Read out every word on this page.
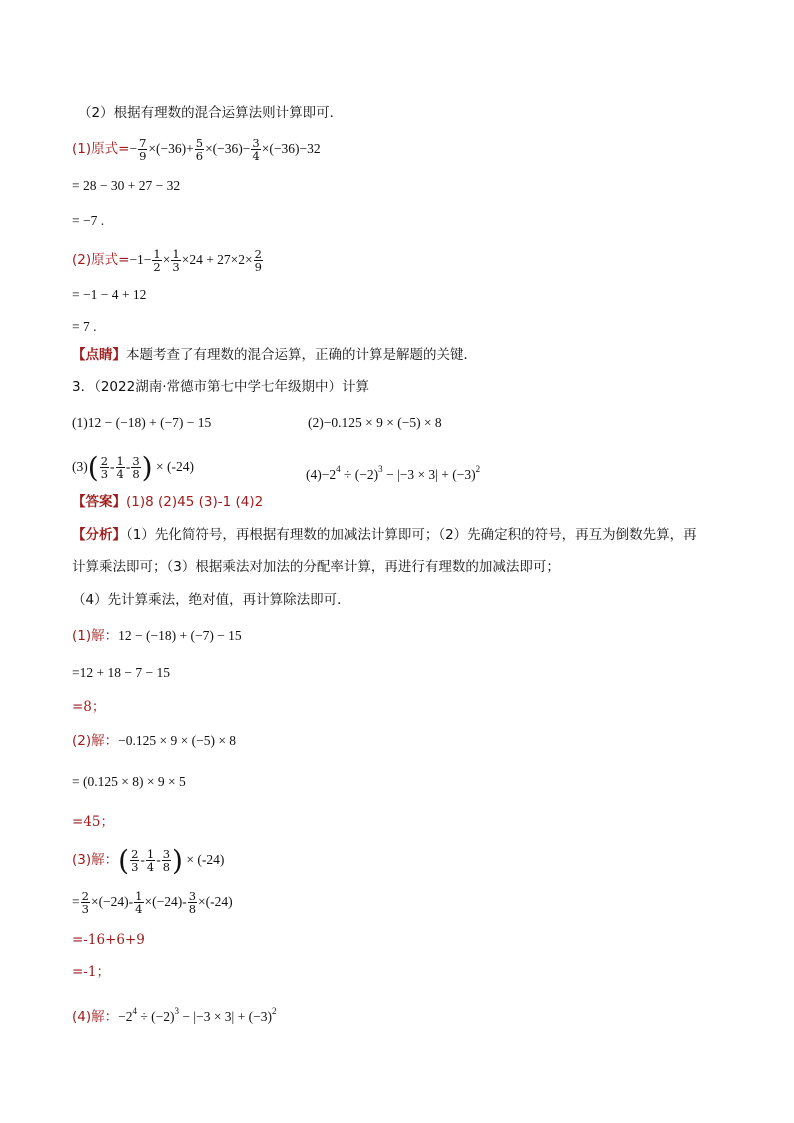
（2）根据有理数的混合运算法则计算即可．
(1)原式=− $\frac{7}{9} \times(-36)+ \frac{5}{6} \times(-36)- \frac{3}{4} \times(-36)-32$
= 28 − 30 + 27 − 32
= −7 .
(2)原式$=-1- \frac{1}{2} \times \frac{1}{3} \times 24 + 27\times 2\times \frac{2}{9}$
= −1 − 4 + 12
= 7 .
【点睛】本题考查了有理数的混合运算，正确的计算是解题的关键．
3．（2022湖南·常德市第七中学七年级期中）计算
(1)12 − (−18) + (−7) − 15	(2)−0.125 × 9 × (−5) × 8
$(3)( \frac{2}{3} - \frac{1}{4} - \frac{3}{8}$ ) × (-24)
$(4)-2^4 \div (-2)^3 - |-3 \times 3| + (-3)^2$
【答案】(1)8 (2)45 (3)-1 (4)2
【分析】（1）先化简符号，再根据有理数的加减法计算即可；（2）先确定积的符号，再互为倒数先算，再
计算乘法即可；（3）根据乘法对加法的分配率计算，再进行有理数的加减法即可；
（4）先计算乘法，绝对值，再计算除法即可．
(1)解：12 − (−18) + (−7) − 15
=12 + 18 − 7 − 15
=8；
(2)解：−0.125 × 9 × (−5) × 8
= (0.125 × 8) × 9 × 5
=45；
(3)解：( $\frac{2}{3} - \frac{1}{4} - \frac{3}{8}$ ) × (-24)
= $\frac{2}{3} \times(-24)- \frac{1}{4} \times(-24)- \frac{3}{8} \times(-24)$
=-16+6+9
=-1；
(4)解：$-2^4 \div (-2)^3 - |-3 \times 3| + (-3)^2$
